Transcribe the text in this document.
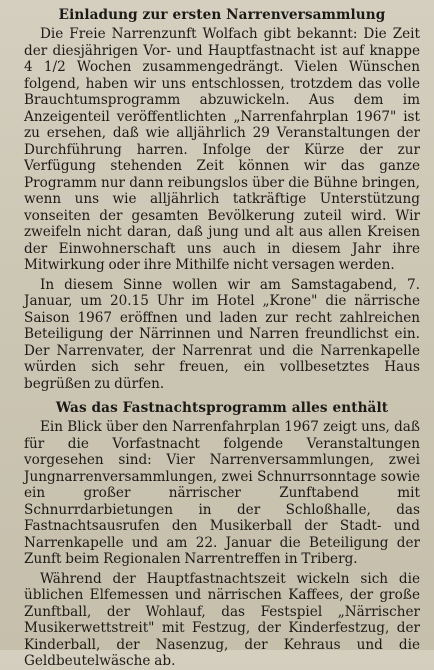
Einladung zur ersten Narrenversammlung

Die Freie Narrenzunft Wolfach gibt bekannt: Die Zeit der diesjährigen Vor- und Hauptfastnacht ist auf knappe 4 1/2 Wochen zusammengedrängt. Vielen Wünschen folgend, haben wir uns entschlossen, trotzdem das volle Brauchtumsprogramm abzuwickeln. Aus dem im Anzeigenteil veröffentlichten „Narrenfahrplan 1967" ist zu ersehen, daß wie alljährlich 29 Veranstaltungen der Durchführung harren. Infolge der Kürze der zur Verfügung stehenden Zeit können wir das ganze Programm nur dann reibungslos über die Bühne bringen, wenn uns wie alljährlich tatkräftige Unterstützung vonseiten der gesamten Bevölkerung zuteil wird. Wir zweifeln nicht daran, daß jung und alt aus allen Kreisen der Einwohnerschaft uns auch in diesem Jahr ihre Mitwirkung oder ihre Mithilfe nicht versagen werden.

In diesem Sinne wollen wir am Samstagabend, 7. Januar, um 20.15 Uhr im Hotel „Krone" die närrische Saison 1967 eröffnen und laden zur recht zahlreichen Beteiligung der Närrinnen und Narren freundlichst ein. Der Narrenvater, der Narrenrat und die Narrenkapelle würden sich sehr freuen, ein vollbesetztes Haus begrüßen zu dürfen.

Was das Fastnachtsprogramm alles enthält

Ein Blick über den Narrenfahrplan 1967 zeigt uns, daß für die Vorfastnacht folgende Veranstaltungen vorgesehen sind: Vier Narrenversammlungen, zwei Jungnarrenversammlungen, zwei Schnurrsonntage sowie ein großer närrischer Zunftabend mit Schnurrdarbietungen in der Schloßhalle, das Fastnachtsausrufen den Musikerball der Stadt- und Narrenkapelle und am 22. Januar die Beteiligung der Zunft beim Regionalen Narrentreffen in Triberg.

Während der Hauptfastnachtszeit wickeln sich die üblichen Elfemessen und närrischen Kaffees, der große Zunftball, der Wohlauf, das Festspiel „Närrischer Musikerwettstreit" mit Festzug, der Kinderfestzug, der Kinderball, der Nasenzug, der Kehraus und die Geldbeutelwäsche ab.
